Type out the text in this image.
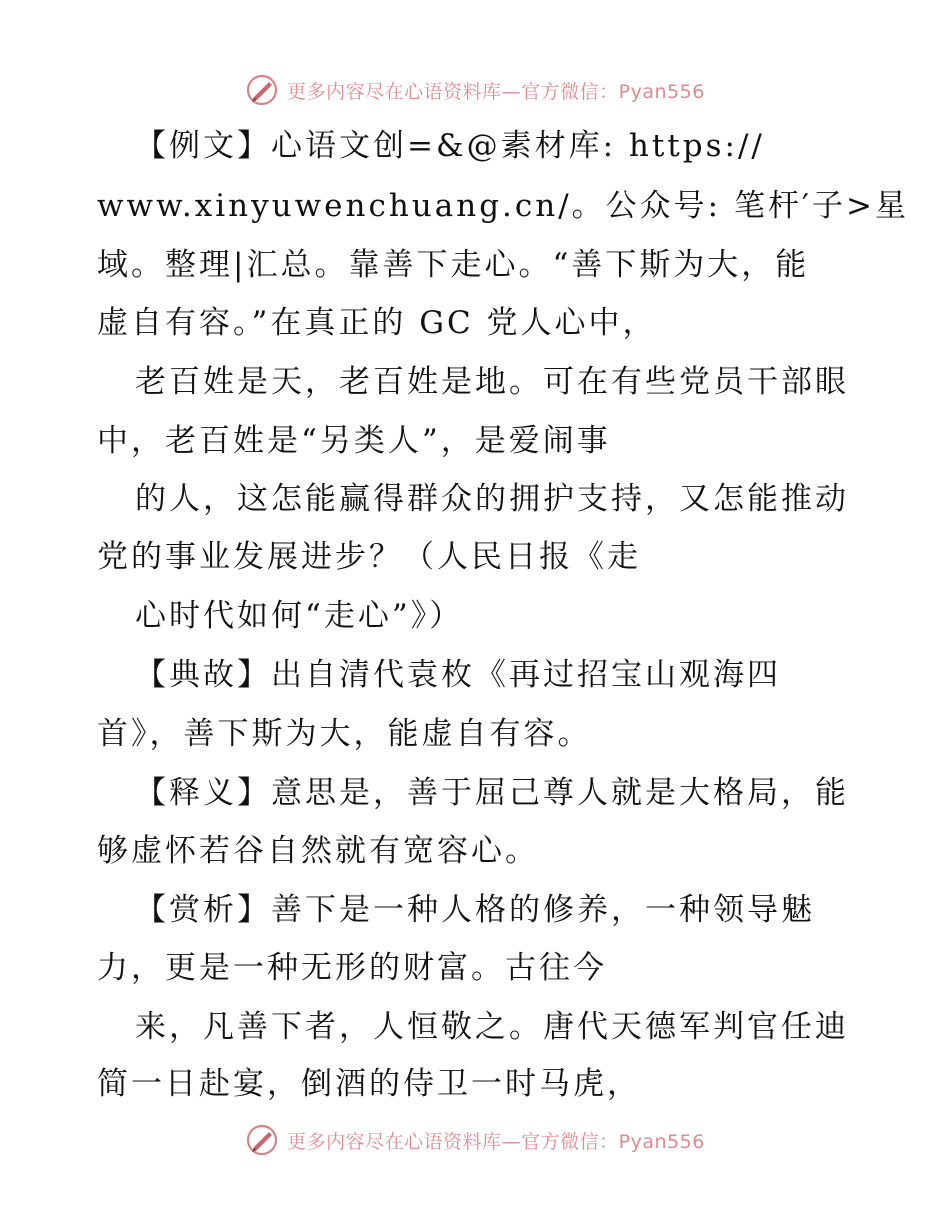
更多内容尽在心语资料库—官方微信：Pyan556
【例文】心语文创=&@素材库: https://
www.xinyuwenchuang.cn/。公众号: 笔杆′子>星
域。整理|汇总。靠善下走心。“善下斯为大，能
虚自有容。”在真正的 GC 党人心中，
老百姓是天，老百姓是地。可在有些党员干部眼
中，老百姓是“另类人”，是爱闹事
的人，这怎能赢得群众的拥护支持，又怎能推动
党的事业发展进步？（人民日报《走
心时代如何“走心”》）
【典故】出自清代袁枚《再过招宝山观海四
首》，善下斯为大，能虚自有容。
【释义】意思是，善于屈己尊人就是大格局，能
够虚怀若谷自然就有宽容心。
【赏析】善下是一种人格的修养，一种领导魅
力，更是一种无形的财富。古往今
来，凡善下者，人恒敬之。唐代天德军判官任迪
简一日赴宴，倒酒的侍卫一时马虎，
更多内容尽在心语资料库—官方微信：Pyan556
